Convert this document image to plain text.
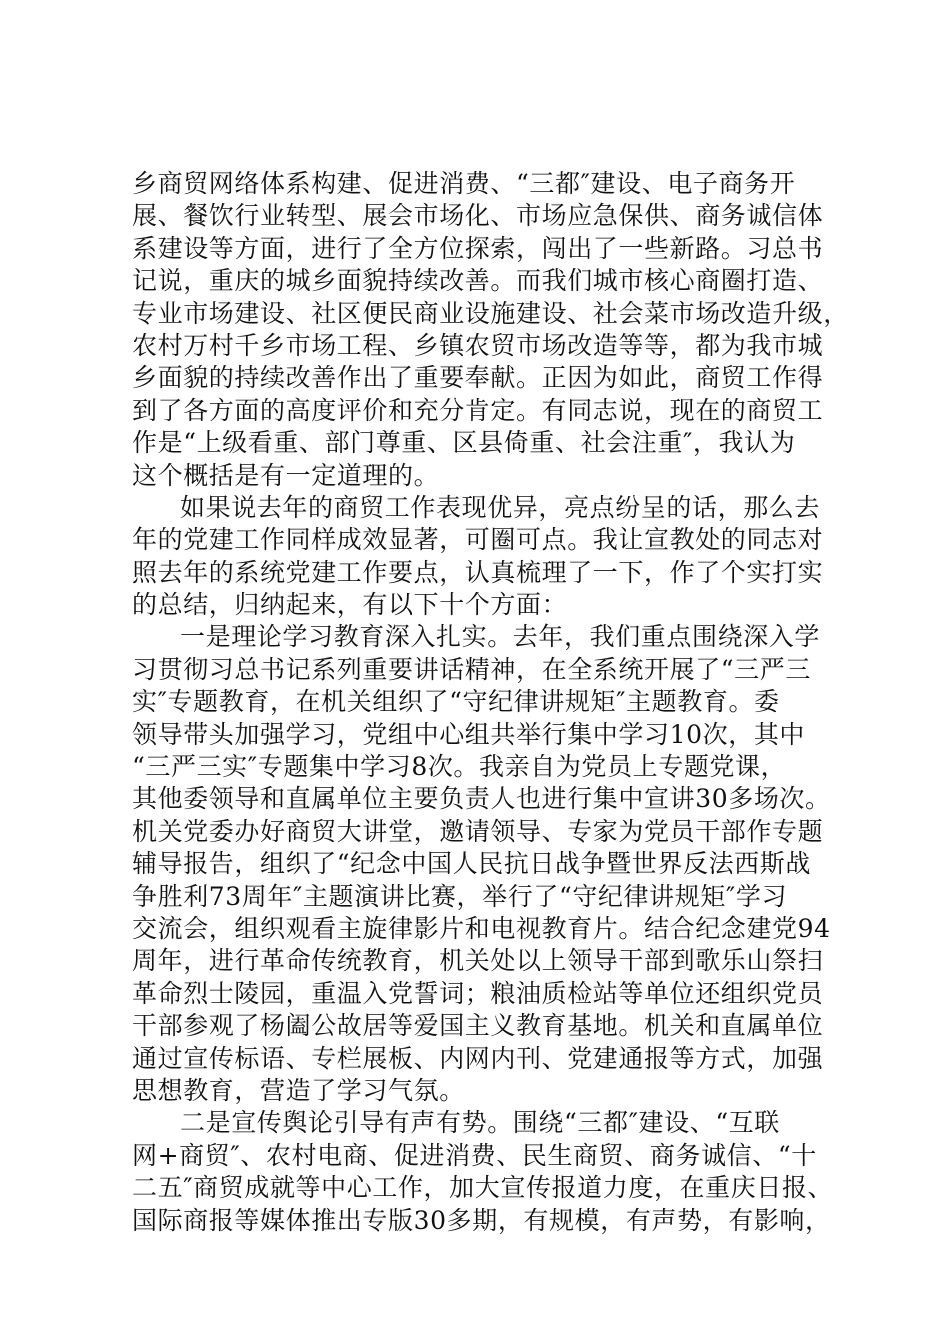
乡商贸网络体系构建、促进消费、“三都″建设、电子商务开
展、餐饮行业转型、展会市场化、市场应急保供、商务诚信体
系建设等方面，进行了全方位探索，闯出了一些新路。习总书
记说，重庆的城乡面貌持续改善。而我们城市核心商圈打造、
专业市场建设、社区便民商业设施建设、社会菜市场改造升级，
农村万村千乡市场工程、乡镇农贸市场改造等等，都为我市城
乡面貌的持续改善作出了重要奉献。正因为如此，商贸工作得
到了各方面的高度评价和充分肯定。有同志说，现在的商贸工
作是“上级看重、部门尊重、区县倚重、社会注重″，我认为
这个概括是有一定道理的。
如果说去年的商贸工作表现优异，亮点纷呈的话，那么去
年的党建工作同样成效显著，可圈可点。我让宣教处的同志对
照去年的系统党建工作要点，认真梳理了一下，作了个实打实
的总结，归纳起来，有以下十个方面：
一是理论学习教育深入扎实。去年，我们重点围绕深入学
习贯彻习总书记系列重要讲话精神，在全系统开展了“三严三
实″专题教育，在机关组织了“守纪律讲规矩″主题教育。委
领导带头加强学习，党组中心组共举行集中学习10次，其中
“三严三实″专题集中学习8次。我亲自为党员上专题党课，
其他委领导和直属单位主要负责人也进行集中宣讲30多场次。
机关党委办好商贸大讲堂，邀请领导、专家为党员干部作专题
辅导报告，组织了“纪念中国人民抗日战争暨世界反法西斯战
争胜利73周年″主题演讲比赛，举行了“守纪律讲规矩″学习
交流会，组织观看主旋律影片和电视教育片。结合纪念建党94
周年，进行革命传统教育，机关处以上领导干部到歌乐山祭扫
革命烈士陵园，重温入党誓词；粮油质检站等单位还组织党员
干部参观了杨阖公故居等爱国主义教育基地。机关和直属单位
通过宣传标语、专栏展板、内网内刊、党建通报等方式，加强
思想教育，营造了学习气氛。
二是宣传舆论引导有声有势。围绕“三都″建设、“互联
网+商贸″、农村电商、促进消费、民生商贸、商务诚信、“十
二五″商贸成就等中心工作，加大宣传报道力度，在重庆日报、
国际商报等媒体推出专版30多期，有规模，有声势，有影响，
